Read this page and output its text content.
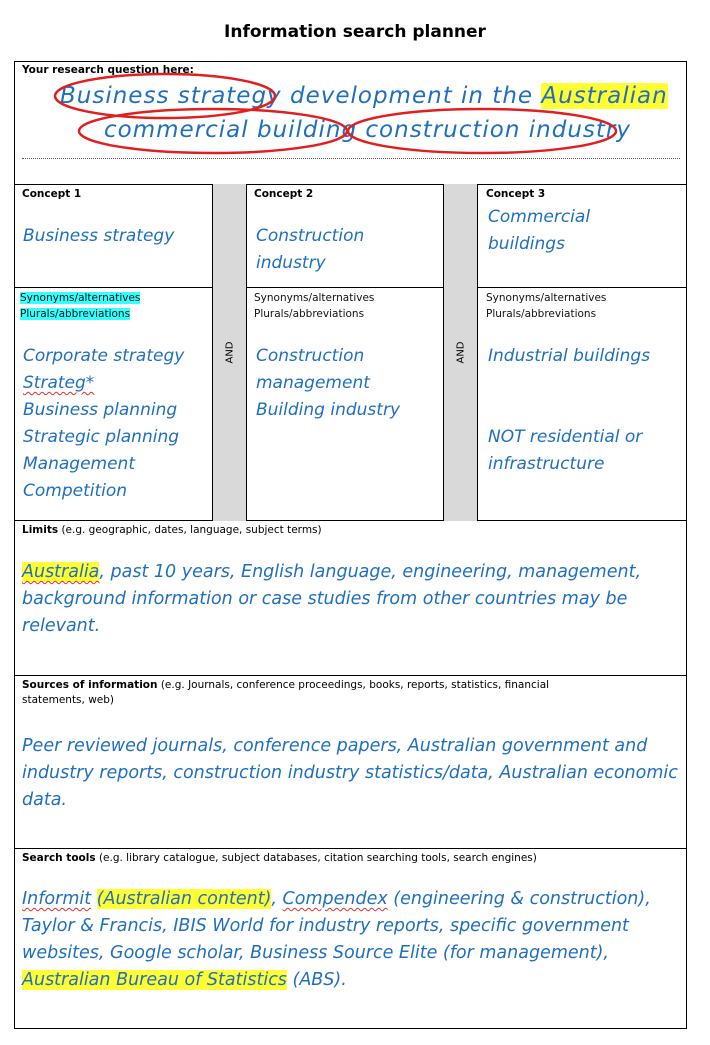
Information search planner
AND	AND
Your research question here:
Business strategy development in the Australian
commercial building construction industry
Concept 1
Business strategy
Synonyms/alternatives
Plurals/abbreviations
Corporate strategy
Strateg*
Business planning
Strategic planning
Management
Competition
Concept 2
Construction
industry
Synonyms/alternatives
Plurals/abbreviations
Construction
management
Building industry
Concept 3
Commercial
buildings
Synonyms/alternatives
Plurals/abbreviations
Industrial buildings
NOT residential or
infrastructure
Limits (e.g. geographic, dates, language, subject terms)
Australia, past 10 years, English language, engineering, management, background information or case studies from other countries may be relevant.
Sources of information (e.g. Journals, conference proceedings, books, reports, statistics, financial
statements, web)
Peer reviewed journals, conference papers, Australian government and industry reports, construction industry statistics/data, Australian economic data.
Search tools (e.g. library catalogue, subject databases, citation searching tools, search engines)
Informit (Australian content), Compendex (engineering & construction), Taylor & Francis, IBIS World for industry reports, specific government websites, Google scholar, Business Source Elite (for management), Australian Bureau of Statistics (ABS).
